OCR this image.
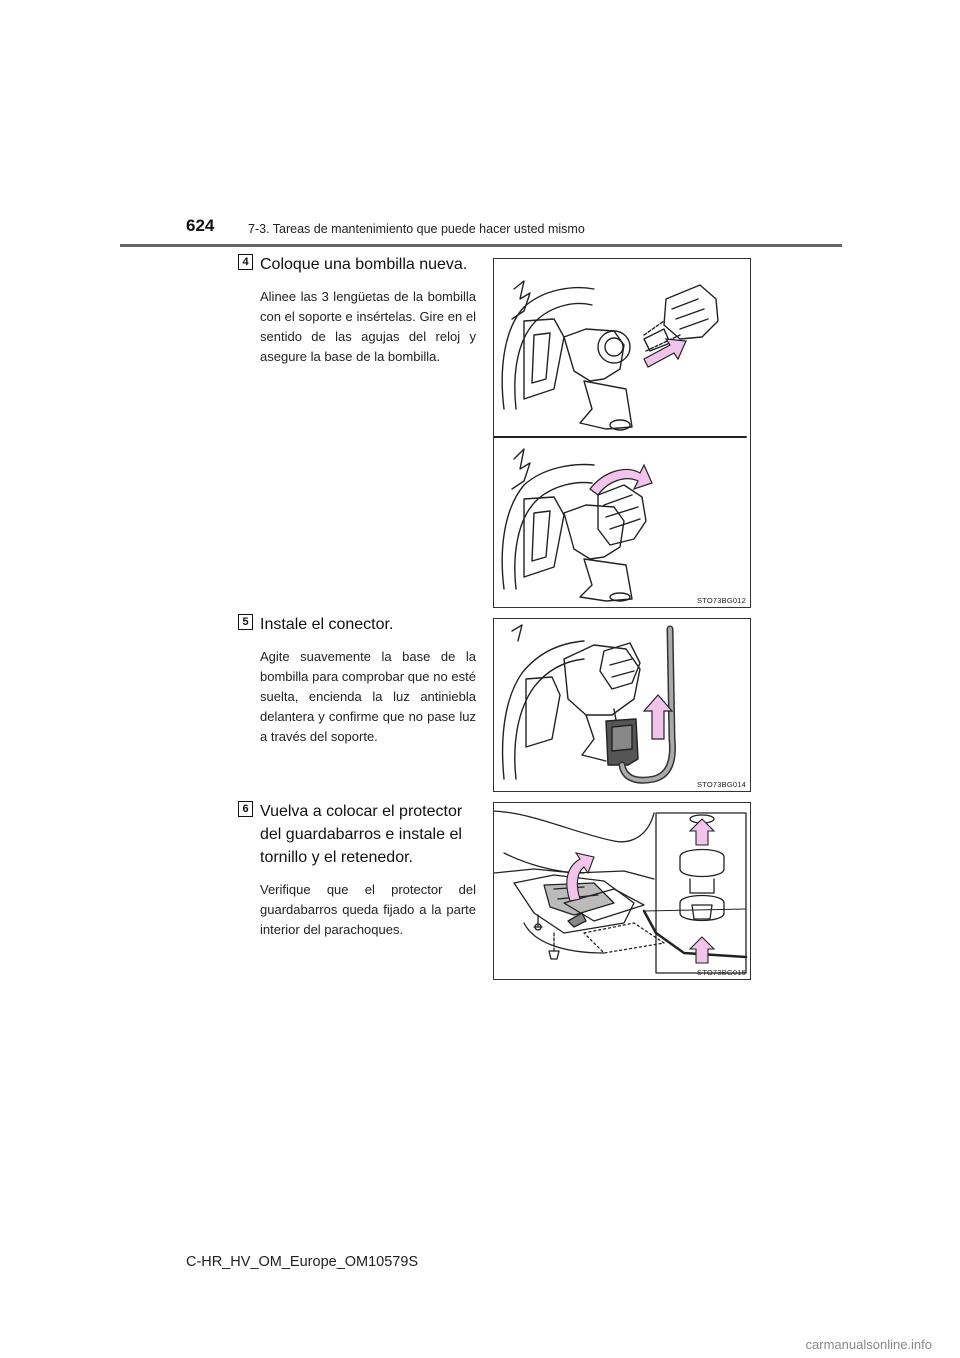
624	7-3. Tareas de mantenimiento que puede hacer usted mismo
4 Coloque una bombilla nueva.
Alinee las 3 lengüetas de la bombilla con el soporte e insértelas. Gire en el sentido de las agujas del reloj y asegure la base de la bombilla.
STO73BG012
5 Instale el conector.
Agite suavemente la base de la bombilla para comprobar que no esté suelta, encienda la luz antiniebla delantera y confirme que no pase luz a través del soporte.
STO73BG014
6 Vuelva a colocar el protector del guardabarros e instale el tornillo y el retenedor.
Verifique que el protector del guardabarros queda fijado a la parte interior del parachoques.
STO73BG015
C-HR_HV_OM_Europe_OM10579S
carmanualsonline.info
